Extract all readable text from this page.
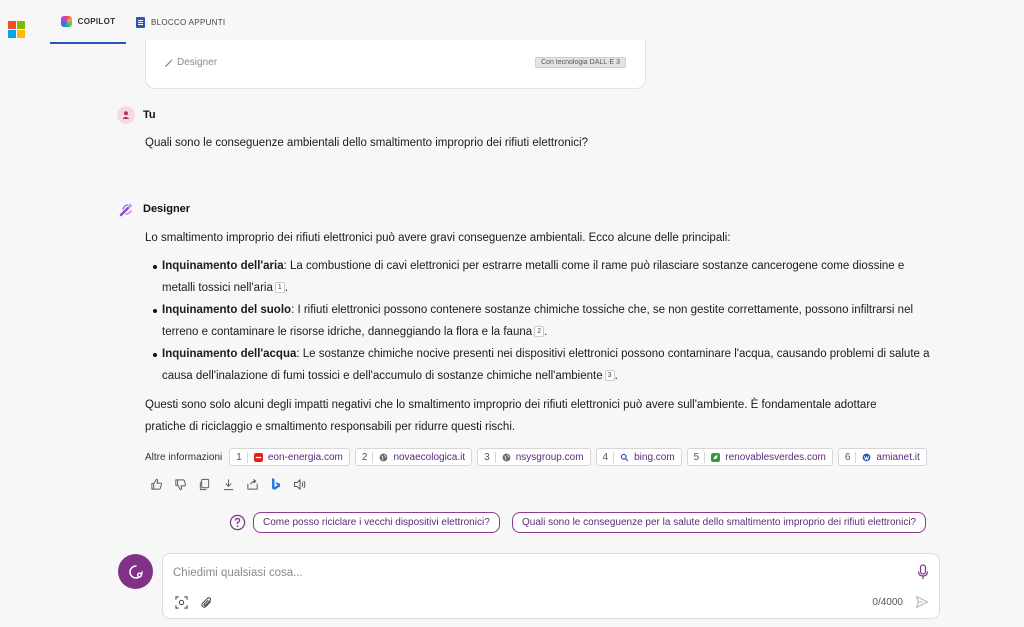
COPILOT	BLOCCO APPUNTI
Designer	Con tecnologia DALL·E 3
Tu
Quali sono le conseguenze ambientali dello smaltimento improprio dei rifiuti elettronici?
Designer
Lo smaltimento improprio dei rifiuti elettronici può avere gravi conseguenze ambientali. Ecco alcune delle principali:
Inquinamento dell'aria: La combustione di cavi elettronici per estrarre metalli come il rame può rilasciare sostanze cancerogene come diossine e
metalli tossici nell'aria 1 .
Inquinamento del suolo: I rifiuti elettronici possono contenere sostanze chimiche tossiche che, se non gestite correttamente, possono infiltrarsi nel
terreno e contaminare le risorse idriche, danneggiando la flora e la fauna 2 .
Inquinamento dell'acqua: Le sostanze chimiche nocive presenti nei dispositivi elettronici possono contaminare l'acqua, causando problemi di salute a
causa dell'inalazione di fumi tossici e dell'accumulo di sostanze chimiche nell'ambiente 3 .
Questi sono solo alcuni degli impatti negativi che lo smaltimento improprio dei rifiuti elettronici può avere sull'ambiente. È fondamentale adottare
pratiche di riciclaggio e smaltimento responsabili per ridurre questi rischi.
Altre informazioni 1	eon-energia.com 2	novaecologica.it 3	nsysgroup.com 4	bing.com 5	renovablesverdes.com 6	amianet.it
Come posso riciclare i vecchi dispositivi elettronici?	Quali sono le conseguenze per la salute dello smaltimento improprio dei rifiuti elettronici?
Chiedimi qualsiasi cosa...
0/4000
